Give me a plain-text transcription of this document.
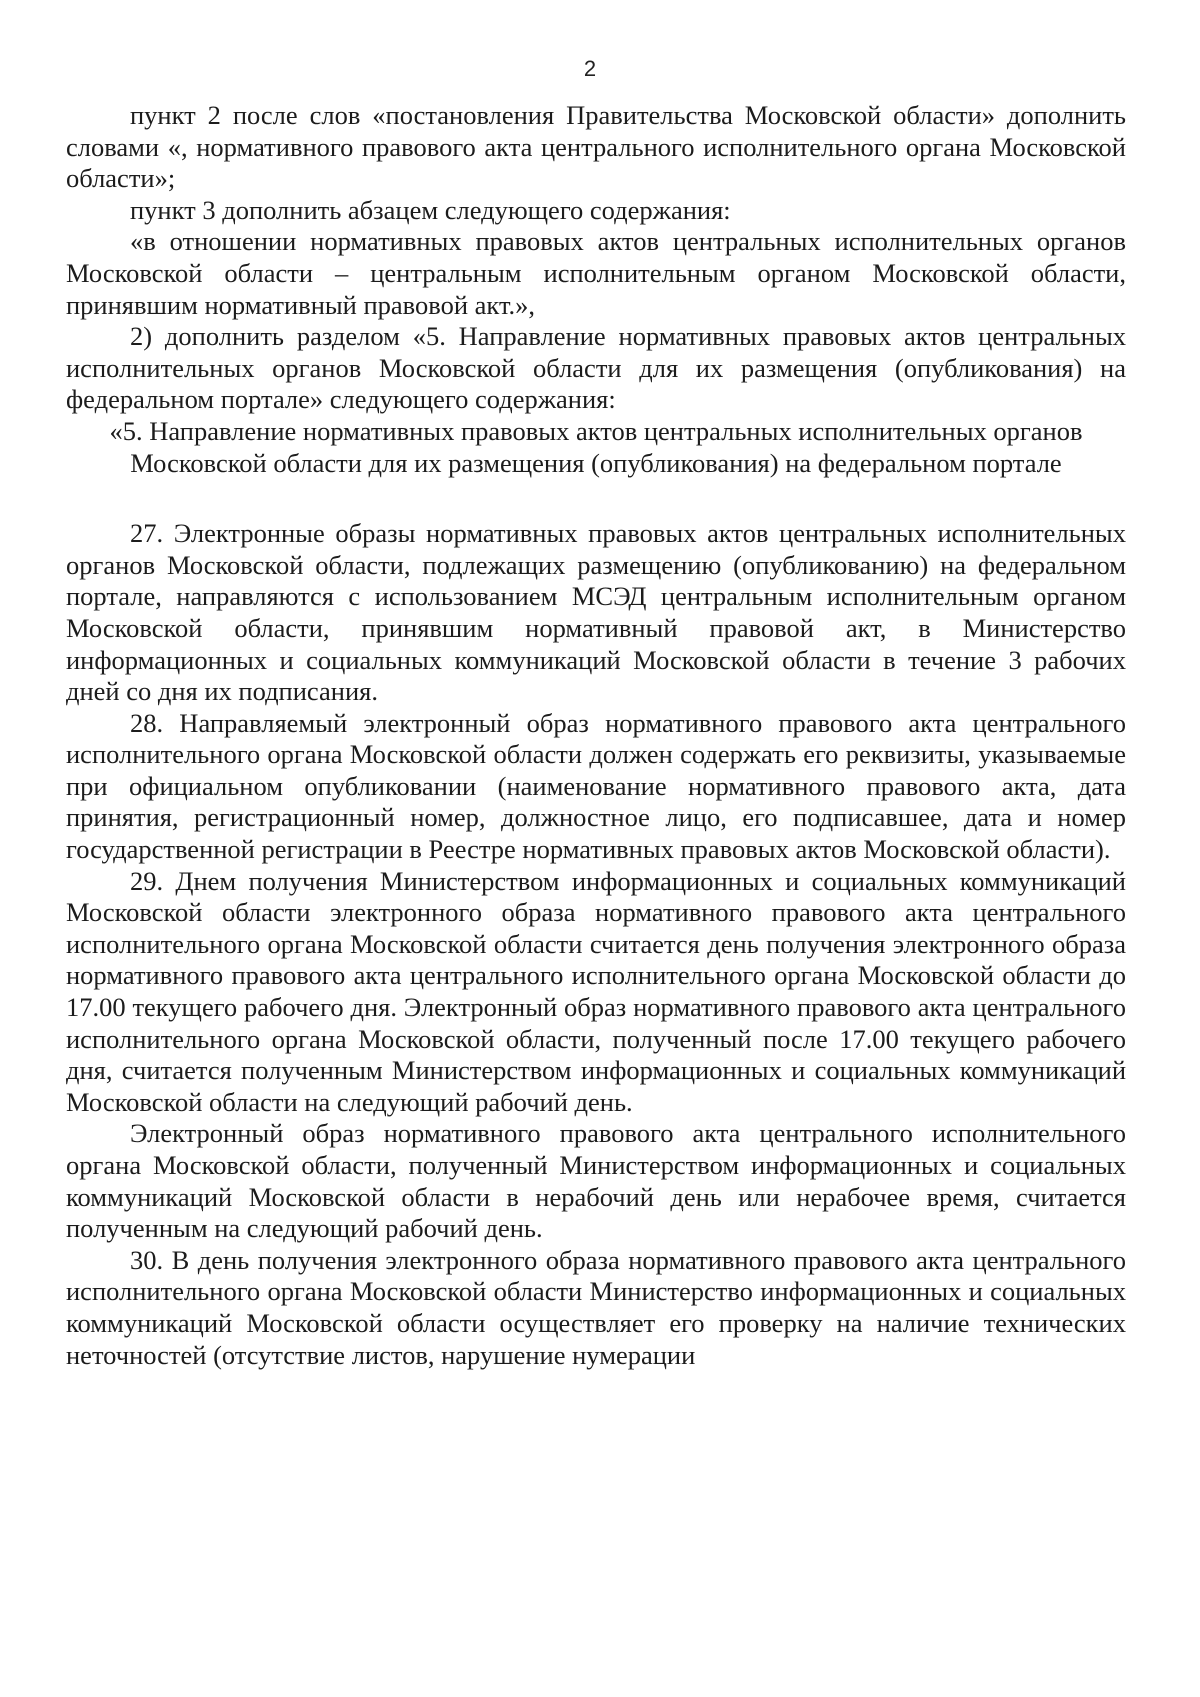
2

пункт 2 после слов «постановления Правительства Московской области» дополнить словами «, нормативного правового акта центрального исполнительного органа Московской области»;

пункт 3 дополнить абзацем следующего содержания:

«в отношении нормативных правовых актов центральных исполнительных органов Московской области – центральным исполнительным органом Московской области, принявшим нормативный правовой акт.»,

2) дополнить разделом «5. Направление нормативных правовых актов центральных исполнительных органов Московской области для их размещения (опубликования) на федеральном портале» следующего содержания:

«5. Направление нормативных правовых актов центральных исполнительных органов Московской области для их размещения (опубликования) на федеральном портале

27. Электронные образы нормативных правовых актов центральных исполнительных органов Московской области, подлежащих размещению (опубликованию) на федеральном портале, направляются с использованием МСЭД центральным исполнительным органом Московской области, принявшим нормативный правовой акт, в Министерство информационных и социальных коммуникаций Московской области в течение 3 рабочих дней со дня их подписания.

28. Направляемый электронный образ нормативного правового акта центрального исполнительного органа Московской области должен содержать его реквизиты, указываемые при официальном опубликовании (наименование нормативного правового акта, дата принятия, регистрационный номер, должностное лицо, его подписавшее, дата и номер государственной регистрации в Реестре нормативных правовых актов Московской области).

29. Днем получения Министерством информационных и социальных коммуникаций Московской области электронного образа нормативного правового акта центрального исполнительного органа Московской области считается день получения электронного образа нормативного правового акта центрального исполнительного органа Московской области до 17.00 текущего рабочего дня. Электронный образ нормативного правового акта центрального исполнительного органа Московской области, полученный после 17.00 текущего рабочего дня, считается полученным Министерством информационных и социальных коммуникаций Московской области на следующий рабочий день.

Электронный образ нормативного правового акта центрального исполнительного органа Московской области, полученный Министерством информационных и социальных коммуникаций Московской области в нерабочий день или нерабочее время, считается полученным на следующий рабочий день.

30. В день получения электронного образа нормативного правового акта центрального исполнительного органа Московской области Министерство информационных и социальных коммуникаций Московской области осуществляет его проверку на наличие технических неточностей (отсутствие листов, нарушение нумерации
